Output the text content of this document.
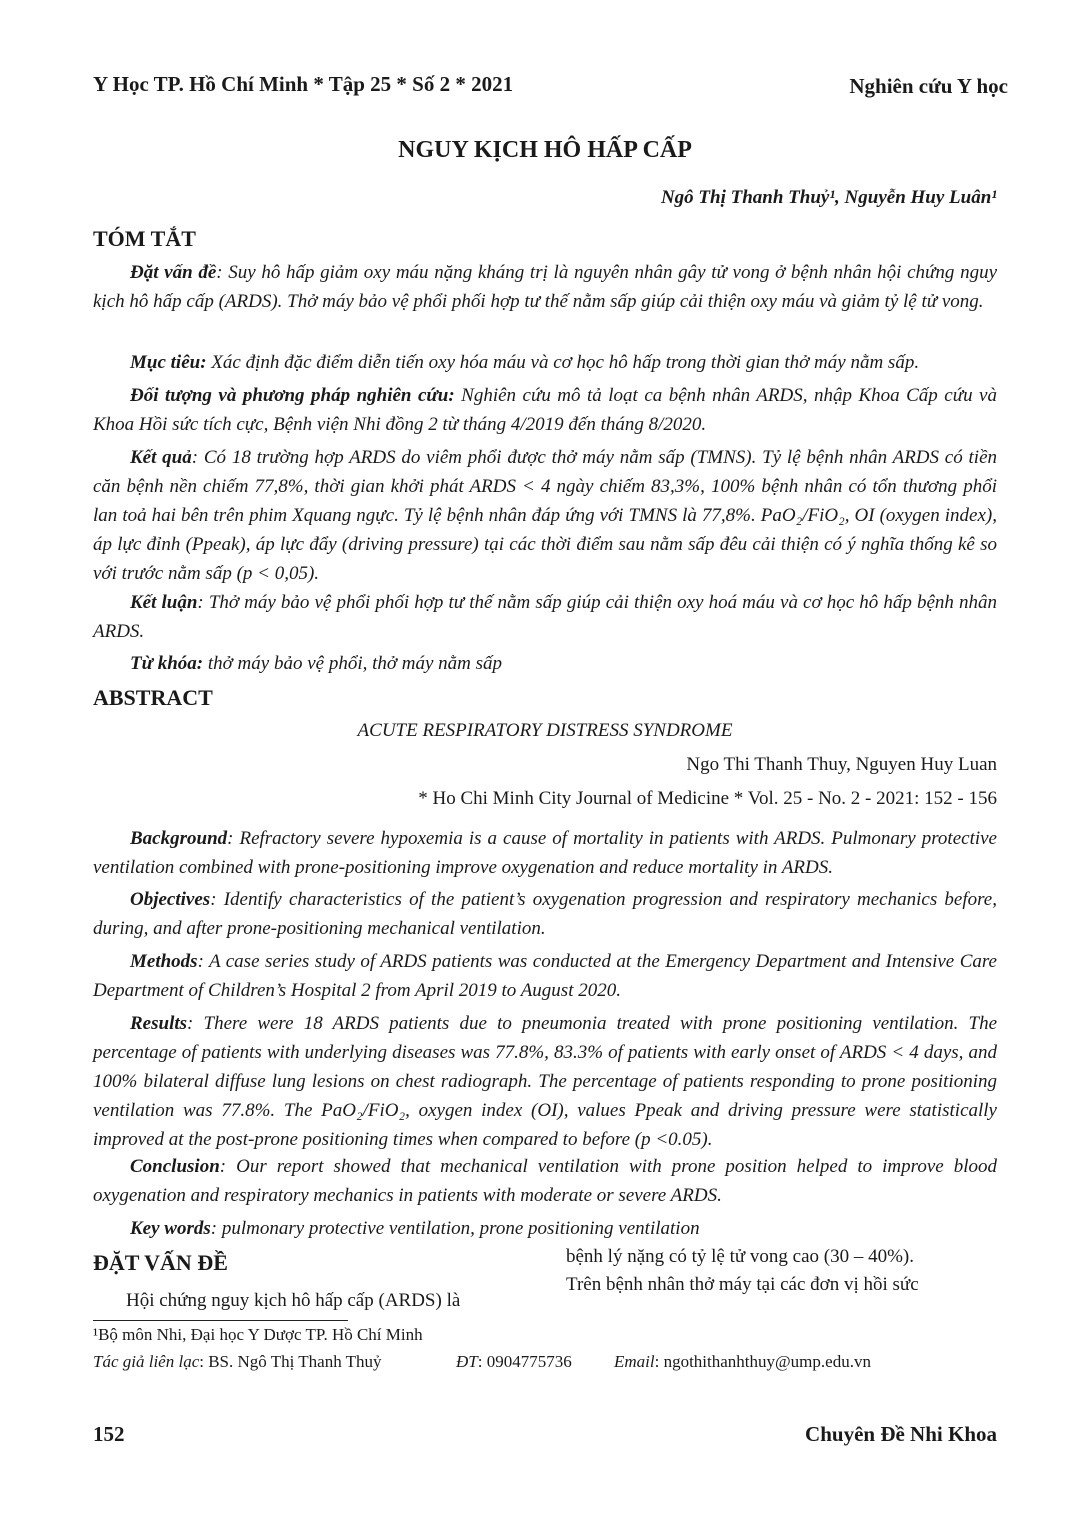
Y Học TP. Hồ Chí Minh * Tập 25 * Số 2 * 2021	Nghiên cứu Y học
NGUY KỊCH HÔ HẤP CẤP
Ngô Thị Thanh Thuỷ¹, Nguyễn Huy Luân¹
TÓM TẮT
Đặt vấn đề: Suy hô hấp giảm oxy máu nặng kháng trị là nguyên nhân gây tử vong ở bệnh nhân hội chứng nguy kịch hô hấp cấp (ARDS). Thở máy bảo vệ phổi phối hợp tư thế nằm sấp giúp cải thiện oxy máu và giảm tỷ lệ tử vong.
Mục tiêu: Xác định đặc điểm diễn tiến oxy hóa máu và cơ học hô hấp trong thời gian thở máy nằm sấp.
Đối tượng và phương pháp nghiên cứu: Nghiên cứu mô tả loạt ca bệnh nhân ARDS, nhập Khoa Cấp cứu và Khoa Hồi sức tích cực, Bệnh viện Nhi đồng 2 từ tháng 4/2019 đến tháng 8/2020.
Kết quả: Có 18 trường hợp ARDS do viêm phổi được thở máy nằm sấp (TMNS). Tỷ lệ bệnh nhân ARDS có tiền căn bệnh nền chiếm 77,8%, thời gian khởi phát ARDS < 4 ngày chiếm 83,3%, 100% bệnh nhân có tổn thương phổi lan toả hai bên trên phim Xquang ngực. Tỷ lệ bệnh nhân đáp ứng với TMNS là 77,8%. PaO₂/FiO₂, OI (oxygen index), áp lực đỉnh (Ppeak), áp lực đẩy (driving pressure) tại các thời điểm sau nằm sấp đêu cải thiện có ý nghĩa thống kê so với trước nằm sấp (p < 0,05).
Kết luận: Thở máy bảo vệ phổi phối hợp tư thế nằm sấp giúp cải thiện oxy hoá máu và cơ học hô hấp bệnh nhân ARDS.
Từ khóa: thở máy bảo vệ phổi, thở máy nằm sấp
ABSTRACT
ACUTE RESPIRATORY DISTRESS SYNDROME
Ngo Thi Thanh Thuy, Nguyen Huy Luan
* Ho Chi Minh City Journal of Medicine * Vol. 25 - No. 2 - 2021: 152 - 156
Background: Refractory severe hypoxemia is a cause of mortality in patients with ARDS. Pulmonary protective ventilation combined with prone-positioning improve oxygenation and reduce mortality in ARDS.
Objectives: Identify characteristics of the patient’s oxygenation progression and respiratory mechanics before, during, and after prone-positioning mechanical ventilation.
Methods: A case series study of ARDS patients was conducted at the Emergency Department and Intensive Care Department of Children’s Hospital 2 from April 2019 to August 2020.
Results: There were 18 ARDS patients due to pneumonia treated with prone positioning ventilation. The percentage of patients with underlying diseases was 77.8%, 83.3% of patients with early onset of ARDS < 4 days, and 100% bilateral diffuse lung lesions on chest radiograph. The percentage of patients responding to prone positioning ventilation was 77.8%. The PaO₂/FiO₂, oxygen index (OI), values Ppeak and driving pressure were statistically improved at the post-prone positioning times when compared to before (p <0.05).
Conclusion: Our report showed that mechanical ventilation with prone position helped to improve blood oxygenation and respiratory mechanics in patients with moderate or severe ARDS.
Key words: pulmonary protective ventilation, prone positioning ventilation
ĐẶT VẤN ĐỀ
Hội chứng nguy kịch hô hấp cấp (ARDS) là
bệnh lý nặng có tỷ lệ tử vong cao (30 – 40%).
Trên bệnh nhân thở máy tại các đơn vị hồi sức
¹Bộ môn Nhi, Đại học Y Dược TP. Hồ Chí Minh
Tác giả liên lạc: BS. Ngô Thị Thanh Thuỷ	ĐT: 0904775736 Email: ngothithanhthuy@ump.edu.vn
152	Chuyên Đề Nhi Khoa
